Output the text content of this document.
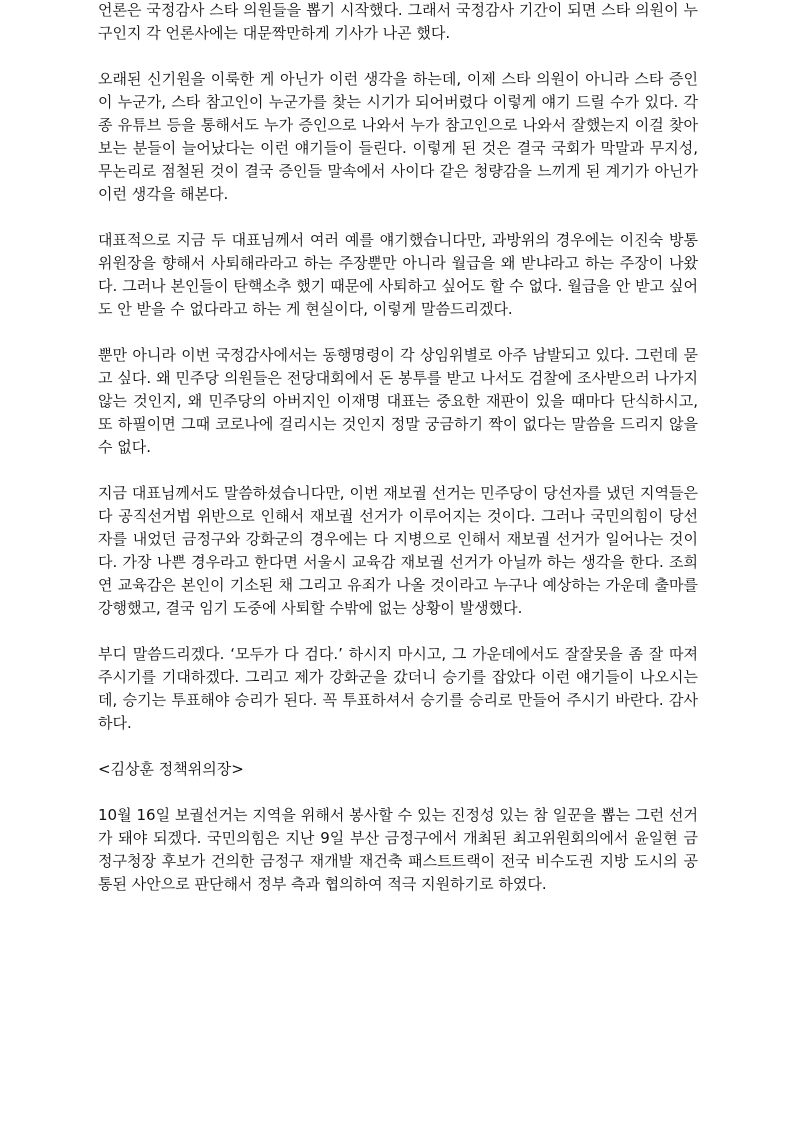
언론은 국정감사 스타 의원들을 뽑기 시작했다. 그래서 국정감사 기간이 되면 스타 의원이 누구인지 각 언론사에는 대문짝만하게 기사가 나곤 했다.

오래된 신기원을 이룩한 게 아닌가 이런 생각을 하는데, 이제 스타 의원이 아니라 스타 증인이 누군가, 스타 참고인이 누군가를 찾는 시기가 되어버렸다 이렇게 얘기 드릴 수가 있다. 각종 유튜브 등을 통해서도 누가 증인으로 나와서 누가 참고인으로 나와서 잘했는지 이걸 찾아보는 분들이 늘어났다는 이런 얘기들이 들린다. 이렇게 된 것은 결국 국회가 막말과 무지성, 무논리로 점철된 것이 결국 증인들 말속에서 사이다 같은 청량감을 느끼게 된 계기가 아닌가 이런 생각을 해본다.

대표적으로 지금 두 대표님께서 여러 예를 얘기했습니다만, 과방위의 경우에는 이진숙 방통위원장을 향해서 사퇴해라라고 하는 주장뿐만 아니라 월급을 왜 받냐라고 하는 주장이 나왔다. 그러나 본인들이 탄핵소추 했기 때문에 사퇴하고 싶어도 할 수 없다. 월급을 안 받고 싶어도 안 받을 수 없다라고 하는 게 현실이다, 이렇게 말씀드리겠다.

뿐만 아니라 이번 국정감사에서는 동행명령이 각 상임위별로 아주 남발되고 있다. 그런데 묻고 싶다. 왜 민주당 의원들은 전당대회에서 돈 봉투를 받고 나서도 검찰에 조사받으러 나가지 않는 것인지, 왜 민주당의 아버지인 이재명 대표는 중요한 재판이 있을 때마다 단식하시고, 또 하필이면 그때 코로나에 걸리시는 것인지 정말 궁금하기 짝이 없다는 말씀을 드리지 않을 수 없다.

지금 대표님께서도 말씀하셨습니다만, 이번 재보궐 선거는 민주당이 당선자를 냈던 지역들은 다 공직선거법 위반으로 인해서 재보궐 선거가 이루어지는 것이다. 그러나 국민의힘이 당선자를 내었던 금정구와 강화군의 경우에는 다 지병으로 인해서 재보궐 선거가 일어나는 것이다. 가장 나쁜 경우라고 한다면 서울시 교육감 재보궐 선거가 아닐까 하는 생각을 한다. 조희연 교육감은 본인이 기소된 채 그리고 유죄가 나올 것이라고 누구나 예상하는 가운데 출마를 강행했고, 결국 임기 도중에 사퇴할 수밖에 없는 상황이 발생했다.

부디 말씀드리겠다. ‘모두가 다 검다.’ 하시지 마시고, 그 가운데에서도 잘잘못을 좀 잘 따져주시기를 기대하겠다. 그리고 제가 강화군을 갔더니 승기를 잡았다 이런 얘기들이 나오시는데, 승기는 투표해야 승리가 된다. 꼭 투표하셔서 승기를 승리로 만들어 주시기 바란다. 감사하다.

<김상훈 정책위의장>

10월 16일 보궐선거는 지역을 위해서 봉사할 수 있는 진정성 있는 참 일꾼을 뽑는 그런 선거가 돼야 되겠다. 국민의힘은 지난 9일 부산 금정구에서 개최된 최고위원회의에서 윤일현 금정구청장 후보가 건의한 금정구 재개발 재건축 패스트트랙이 전국 비수도권 지방 도시의 공통된 사안으로 판단해서 정부 측과 협의하여 적극 지원하기로 하였다.
